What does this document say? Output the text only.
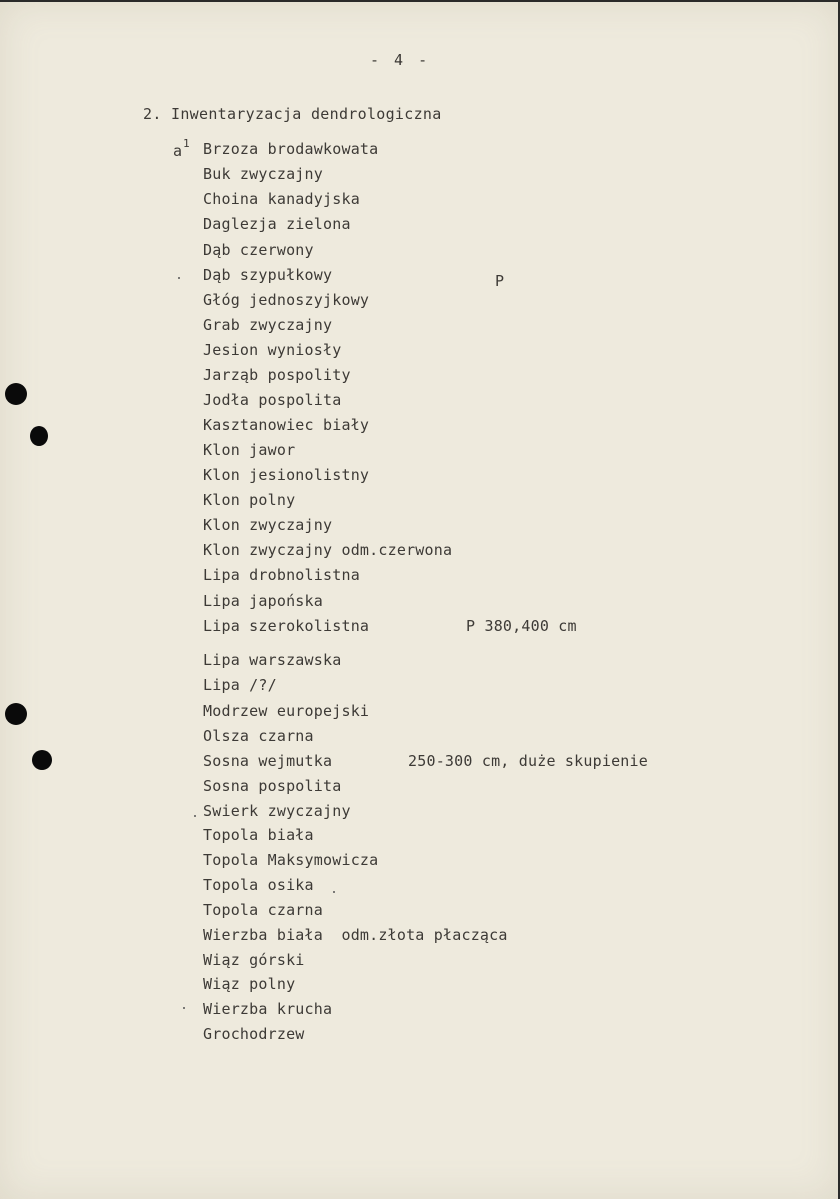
- 4 -
2. Inwentaryzacja dendrologiczna
$a^1$ Brzoza brodawkowata
Buk zwyczajny
Choina kanadyjska
Daglezja zielona
Dąb czerwony
Dąb szypułkowy
Głóg jednoszyjkowy
Grab zwyczajny
Jesion wyniosły
Jarząb pospolity
Jodła pospolita
Kasztanowiec biały
Klon jawor
Klon jesionolistny
Klon polny
Klon zwyczajny
Klon zwyczajny odm.czerwona
Lipa drobnolistna
Lipa japońska
Lipa szerokolistna
Lipa warszawska
Lipa /?/
Modrzew europejski
Olsza czarna
Sosna wejmutka
Sosna pospolita
Swierk zwyczajny
Topola biała
Topola Maksymowicza
Topola osika
Topola czarna
Wierzba biała  odm.złota płacząca
Wiąz górski
Wiąz polny
Wierzba krucha
Grochodrzew
P
P 380,400 cm
250-300 cm, duże skupienie
